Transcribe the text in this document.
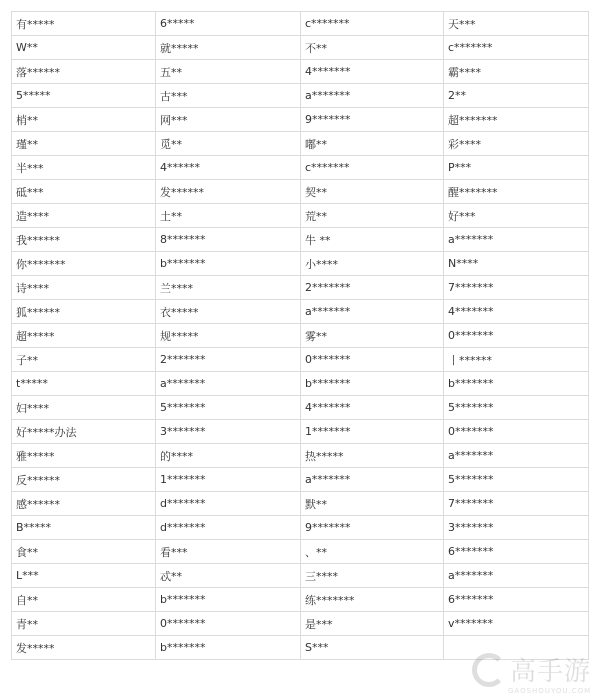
有*****	6*****	c*******	天***
W**	就*****	不**	c*******
落******	五**	4*******	霸****
5*****	古***	a*******	2**
梢**	网***	9*******	超*******
瑾**	觅**	嘟**	彩****
半***	4******	c*******	P***
砥***	发******	契**	醒*******
造****	土**	荒**	好***
我******	8*******	牛 **	a*******
你*******	b*******	小****	N****
诗****	兰****	2*******	7*******
狐******	衣*****	a*******	4*******
超*****	规*****	雾**	0*******
子**	2*******	0*******	丨******
t*****	a*******	b*******	b*******
妇****	5*******	4*******	5*******
好*****办法	3*******	1*******	0*******
雅*****	的****	热*****	a*******
反******	1*******	a*******	5*******
感******	d*******	默**	7*******
B*****	d*******	9*******	3*******
食**	看***	、**	6*******
L***	忒**	三****	a*******
自**	b*******	练*******	6*******
青**	0*******	是***	v*******
发*****	b*******	S***	
高手游
GAOSHOUYOU.COM
